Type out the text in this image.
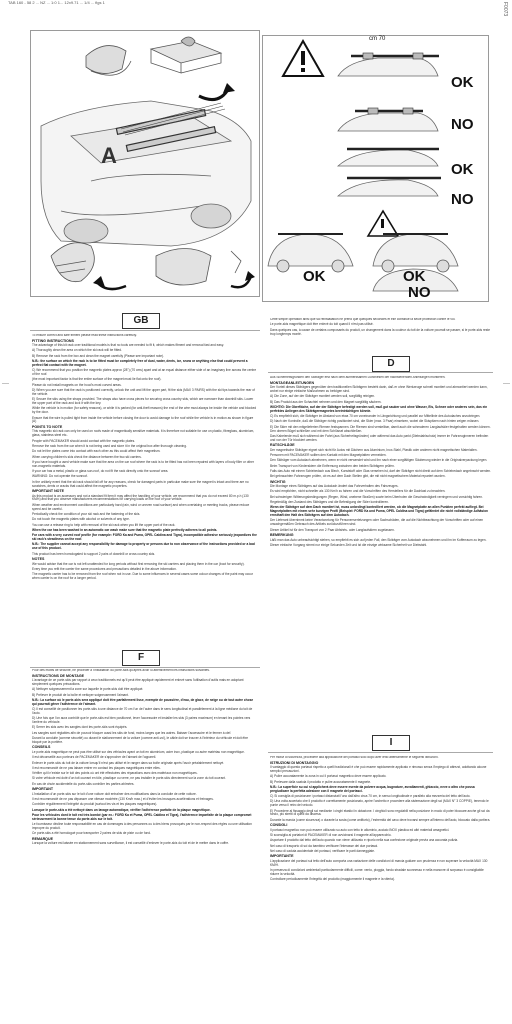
TAB 160 - 58 2 ... NZ ... 1:0 1... 12x9.71 ... 1/4 ... figs 1	F0073
—	—
A
cm 70
OK
NO
OK
NO
OK	OK
NO
GB
D
F
I

To ensure correct and safe fitment please read these instructions carefully.

FITTING INSTRUCTIONS

The advantage of this kit rack over traditional models is that no tools are needed to fit it, which makes fitment and removal fast and easy.

A) Thoroughly clean the area on which the ski rack will be fitted.

B) Remove the rack from the box and clean the magnet carefully (Please see important note).

N.B.: the surface on which the rack is to be fitted must be completely free of dust, water, dents, ice, snow or anything else that could prevent a perfect flat contact with the magnet.

C) We recommend that you position the magnetic plates approx (28") (70 cms) apart and at an equal distance either side of an imaginary line across the centre of the roof.

(the most important factor is that the entire surface of the magnet must lie flat onto the roof).

Please do not install magnets on the hood's most curved areas.

D) When you are sure that the rack is positioned correctly, unlock the unit and lift the upper part, fit the skis (MAX 3 PAIRS) with the ski tips towards the rear of the vehicle.

E) Secure the skis using the straps provided. The straps also have cross pieces for securing cross country skis, which are narrower than downhill skis. Lower the upper part of the rack and lock it with the key.

While the vehicle is in motion (for safety reasons), or while it is parked (for anti-theft reasons) the end of the wire must always be inside the vehicle and blocked by the door.

Ensure that the wire is pulled tight from inside the vehicle before closing the door to avoid damage to the roof while the vehicle is in motion as shown in figure (A)

POINTS TO NOTE

This magnetic ski rack can only be used on roofs made of magnetically sensitive materials. It is therefore not suitable for use on plastic, fibreglass, aluminium, glass, stainless steel etc..

People with PACEMAKER should avoid contact with the magnetic plates.

Remove the rack from the car when it is not being used and store it in the original box after thorough cleaning.

Do not let the plates come into contact with each other as this could affect their magnetism.

When carrying children's skis check the distance between the two ski carriers.

If you have bought a used vehicle make sure that the area on the car roof where the rack is to be fitted has not been repaired with layers of body filler or other non-magnetic materials.

If your car has a metal, plastic or glass sun-roof, do not fit the rack directly onto the sunroof area.

WARNING: Do not operate the sunroof.

In the unlikely event that the ski rack should fall off for any reasons, check for damaged parts in particular make sure the magnet is intact and there are no scratches, dents or cracks that could affect the magnetic properties.

IMPORTANT NOTE

As this product is an accessory and not a standard fit item it may affect the handling of your vehicle, we recommend that you do not exceed 80 m.p.h (130 KM/h) and that you observe manufacturers recommendations for carrying loads on the roof of your vehicle.

When weather and environment conditions are particularly hard (rain, wind or uneven road surface) and when overtaking or meeting trucks, please reduce speed and be careful.

Periodically check the condition of your ski rack and the fastening of the skis.

Do not touch the magnetic plates with alcohol or solvents of any type.

You can use a release ring to help with removal of the ski rack when you lift the upper part of the rack.

When the car has been washed in an automatic car wash make sure that the magnetic plate perfectly adheres to all points.

For cars with a very curved roof profile (for example: FORD Ka and Puma, OPEL Caldina and Tigra), incompatible adhesive seriously jeopardizes the ski rack's steadiness on the roof.

N.B.: The supplier cannot accept any responsibility for damage to property or persons due to non observance of the instructions provided or a bad use of this product.

This product has been homologated to support 2 pairs of downhill or cross country skis.

NOTES

We would advise that the car is not left unattended for long periods without first removing the ski carriers and placing them in the car (boot for security).

Every time you refit the carrier the same procedures and precautions detailed in the above information.

The magnetic carrier has to be removed from the roof when not in use. Due to some influences in several cases some colour changes of the paint may occur when carrier is on the roof for a longer period.

Pour des motifs de sécurité, ne procéder à l'installation du porte-skis qu'après avoir lu attentivement les instructions suivantes.

INSTRUCTIONS DE MONTAGE

L'avantage de ce porte-skis par rapport à ceux traditionnels est qu'il peut être appliqué rapidement et enlevé sans l'utilisation d'outils mais en adoptant simplement quelques précautions.

A) Nettoyer soigneusement la zone sur laquelle le porte-skis doit être appliqué.

B) Prélever le produit de la boîte et nettoyer soigneusement l'aimant.

N.B.: La surface où le porte-skis sera appliqué doit être parfaitement lisse, exempte de poussière, d'eau, de glace, de neige ou de tout autre chose qui pourrait gêner l'adhérence de l'aimant.

C) Il est conseillé de positionner les porte-skis à une distance de 70 cm l'un de l'autre dans le sens longitudinal et parallèlement à la ligne médiane du toit de l'auto.

D) Une fois que l'on aura contrôlé que le porte-skis est bien positionné, lever l'accessoire et installer les skis (3 paires maximum) en tenant les pointes vers l'arrière du véhicule.

E) Serrer les skis avec les sangles dont les porte-skis sont équipés.

Les sangles sont réglables afin de pouvoir bloquer aussi les skis de fond, moins larges que les autres. Baisser l'accessoire et le fermer à clef.

Durant la conduite (comme sécurité) ou durant le stationnement de la voiture (comme anti-vol), le câble doit se trouver à l'intérieur du véhicule et doit être bloqué par la portière.

CONSEILS

Le porte-skis magnétique ne peut pas être utilisé sur des véhicules ayant un toit en aluminium, acier inox, plastique ou autre matériau non magnétique.

Il est déconseillé aux porteurs de PACEMAKER de s'approcher de l'aimant de l'appareil.

Enlever le porte-skis du toit de la voiture lorsqu'il n'est pas utilisé et le ranger dans sa boîte originale après l'avoir préalablement nettoyé.

Il est recommandé de ne pas laisser entrer en contact les plaques magnétiques entre elles.

Vérifier qu'il n'existe sur le toit des points où ont été effectuées des réparations avec des matériaux non magnétiques.

Si votre véhicule est doté d'un toit ouvrant en tôle, plastique ou verre, ne pas installer le porte-skis directement sur la zone du toit ouvrant.

En cas de chute accidentelle du porte-skis contrôler les parties abîmées.

IMPORTANT

L'installation d'un porte-skis sur le toit d'une voiture doit entraîner des modifications dans la conduite de cette voiture.

Il est recommandé de ne pas dépasser une vitesse modérée (130 Km/h max.) et d'éviter les brusques accélérations et freinages.

Contrôler régulièrement l'intégrité du produit (surtout les vis et les plaques magnétiques).

Lorsque le porte-skis a été nettoyé dans un lavage automatique, vérifier l'adhérence parfaite de la plaque magnétique.

Pour les véhicules dont le toit est très bombé (par ex.: FORD Ka et Puma, OPEL Caldina et Tigra), l'adhérence imparfaite de la plaque compromet sérieusement la bonne tenue du porte-skis sur le toit.

Le fournisseur décline toute responsabilité en cas de dommages à des personnes ou à des biens provoqués par le non-respect des règles ou une utilisation impropre du produit.

Ce porte-skis a été homologué pour transporter 2 paires de skis de piste ou de fond.

REMARQUE

Lorsque la voiture est laissée en stationnement sans surveillance, il est conseillé d'enlever le porte-skis du toit et de le mettre dans le coffre.

Cette simple opération ainsi que sa réinstallation ne prend que quelques secondes et elle constitue la seule protection contre le vol.

Le porte-skis magnétique doit être enlevé du toit quand il n'est pas utilisé.

Dans quelques cas, à cause de certains composants du produit, un changement dans la couleur du toit de la voiture pourrait se passer, si le porte-skis reste trop longtemps monté.

Aus Sicherheitsgründen den Skiträger erst nach dem aufmerksamen Durchlesen der nachstehenden Anleitungen montieren.

MONTAGEANLEITUNGEN

Der Vorteil dieses Skiträgers gegenüber den traditionellen Skiträgern besteht darin, daß er ohne Werkzeuge schnell montiert und abmontiert werden kann, wobei nur einige einfache Maßnahmen zu befolgen sind.

A) Die Zone, auf der der Skiträger montiert werden soll, sorgfältig reinigen.

B) Das Produkt aus der Schachtel nehmen und den Magnet sorgfältig säubern.

WICHTIG: Die Oberfläche, auf der der Skiträger befestigt werden soll, muß gut sauber und ohne Wasser, Eis, Schnee oder anderes sein, das ein perfektes Anliegen des Skiträgermagnetes beeinträchtigen könnte.

C) Es empfiehlt sich, die Skiträger im Abstand von etwa 70 cm voneinander in Längsrichtung und parallel zur Mittellinie des Autodaches anzubringen.

D) Nach der Kontrolle, daß die Skiträger richtig positioniert sind, die Skier (max. 3 Paar) einsetzen, wobei die Skispitzen nach hinten zeigen müssen.

E) Die Skier mit den mitgelieferten Riemen festspannen. Die Riemen sind verstellbar, damit auch die schmaleren Langlaufskier festgehalten werden können. Den oberen Bügel schließen und mit dem Schlüssel abschließen.

Das Kabelende muß sich während der Fahrt (aus Sicherheitsgründen) oder während das Auto parkt (Diebstahlschutz) immer im Fahrzeuginneren befinden und von der Tür blockiert werden.

RATSCHLÄGE

Der magnetische Skiträger eignet sich nicht für Autos mit Dächern aus Aluminium, Inox-Stahl, Plastik oder anderen nicht magnetischen Materialien.

Personen mit PACEMAKER sollten den Kontakt mit den Magnetplatten vermeiden.

Den Skiträger vom Autodach abnehmen, wenn er nicht verwendet wird und ihn nach einer sorgfältigen Säuberung wieder in die Originalverpackung legen.

Beim Transport von Kinderskiern die Entfernung zwischen den beiden Skiträgern prüfen.

Falls das Auto mit einem Schiebedach aus Blech, Kunststoff oder Glas versehen ist, darf der Skiträger nicht direkt auf dem Schiebedach angebracht werden.

Bei gebrauchten Fahrzeugen prüfen, ob es auf dem Dach Stellen gibt, die mit nicht magnetischem Material repariert wurden.

WICHTIG

Die Montage eines Skiträgers auf das Autodach ändert das Fahrverhalten des Fahrzeuges.

Es wird empfohlen, nicht schneller als 130 Km/h zu fahren und die Vorschriften des Herstellers für die Dachlast zu beachten.

Bei schwierigen Witterungsbedingungen (Regen, Wind, unebene Straßen) sowie beim Überholen die Geschwindigkeit verringern und vorsichtig fahren.

Regelmäßig den Zustand des Skiträgers und die Befestigung der Skier kontrollieren.

Wenn der Skiträger auf dem Dach montiert ist, muss unbedingt kontrolliert werden, ob die Magnetplatte an allen Punkten perfekt aufliegt. Bei Magnetplatten mit einem sehr kurvigen Profil (Beispiel: FORD Ka und Puma, OPEL Caldina und Tigra) gefährdet die nicht vollständige Adhäsion ernsthaft den Halt des Skiträgers auf dem Autodach.

Der Lieferant übernimmt keine Verantwortung für Personenverletzungen oder Sachschäden, die auf die Nichtbeachtung der Vorschriften oder auf einen unsachgemäßen Gebrauch des Artikels zurückzuführen sind.

Dieser Artikel ist für den Transport von 2 Paar Abfahrts- oder Langlaufskiern zugelassen.

BEMERKUNG

Läßt man das Auto unbeaufsichtigt stehen, so empfiehlt es sich auf jeden Fall, den Skiträger vom Autodach abzunehmen und ihn im Kofferraum zu legen.

Dieser einfache Vorgang nimmt nur einige Sekunden Zeit und ist die einzige wirksame Sicherheit vor Diebstahl.

Per motivi di sicurezza, procedere alla applicazione del portasci solo dopo aver letto attentamente le seguenti istruzioni.

ISTRUZIONI DI MONTAGGIO

Il vantaggio di questo portasci rispetto a quelli tradizionali è che può essere rapidamente applicato e rimosso senza l'impiego di attrezzi, adottando alcune semplici precauzioni.

A) Pulire accuratamente la zona in cui il portasci magnetico deve essere applicato.

B) Prelevare dalla scatola il prodotto e pulire accuratamente il magnete.

N.B.: La superficie su cui si applicherà deve essere esente da polvere acqua, bugnature, avvallamenti, ghiaccio, neve o altro che possa pregiudicare la perfetta adesione con il magnete del portasci.

C) Si consiglia di posizionare i portasci distanziati l'uno dall'altro circa 70 cm, in senso longitudinale e parallelo alla mezzeria del tetto dell'auto.

D) Una volta accertato che il prodotto è correttamente posizionato, aprire l'archetto e procedere alla sistemazione degli sci (MAX N° 3 COPPIE), tenendo le punte verso il retro del veicolo.

E) Procedere al fissaggio degli sci mediante i cinghi elastici in dotazione. I cinghioli sono regolabili nella posizione in modo di poter bloccare anche gli sci da fondo, più stretti di quelli da discesa.

Durante la marcia (come sicurezza) o durante la sosta (come antifurto), l'estremità del cavo deve trovarsi sempre all'interno dell'auto, bloccato dalla portiera.

CONSIGLI

Il portasci magnetico non può essere utilizzato su auto con tetto in alluminio, acciaio INOX plastica ed altri materiali amagnetici.

Si sconsiglia ai portatori di PACEMAKER di non avvicinarsi il magnete all'apparecchio.

Asportare il prodotto dal tetto dell'auto quando non viene utilizzato e riporlo nella sua confezione originale previa una accurata pulizia.

Nel caso di trasporto di sci da bambino verificare l'interasse dei due portasci.

Nel caso di caduta accidentale del portasci, verificare le parti danneggiate.

IMPORTANTE

L'applicazione del portasci sul tetto dell'auto comporta una variazione delle condizioni di marcia guidare con prudenza e non superare la velocità MAX 130 KM/H.

In presenza di condizioni ambientali particolarmente difficili, come: vento, pioggia, fondo stradale sconnesso e nella manovre di sorpasso è consigliabile ridurre la velocità.

Controllare periodicamente l'integrità del prodotto (maggiormente il magnete e la viteria).
